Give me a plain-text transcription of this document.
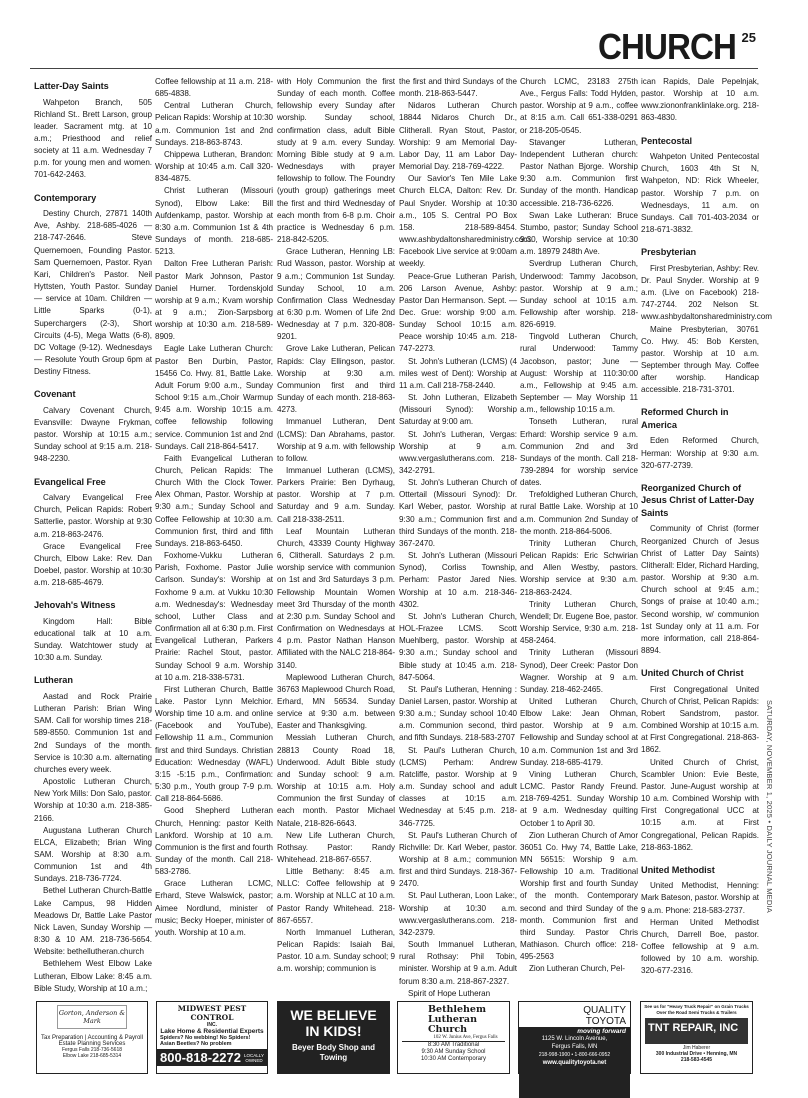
CHURCH 25
Latter-Day Saints

Wahpeton Branch, 505 Richland St.. Brett Larson, group leader. Sacrament mtg. at 10 a.m.; Priesthood and relief society at 11 a.m. Wednesday 7 p.m. for young men and women. 701-642-2463.

Contemporary

Destiny Church, 27871 140th Ave, Ashby. 218-685-4026 — 218-747-2646. Steve Quernemoen, Founding Pastor. Sam Quernemoen, Pastor. Ryan Kari, Children's Pastor. Neil Hyttsten, Youth Pastor. Sunday — service at 10am. Children — Little Sparks (0-1), Superchargers (2-3), Short Circuits (4-5), Mega Watts (6-8), DC Voltage (9-12). Wednesdays — Resolute Youth Group 6pm at Destiny Fitness.

Covenant

Calvary Covenant Church, Evansville: Dwayne Frykman, pastor. Worship at 10:15 a.m.; Sunday school at 9:15 a.m. 218-948-2230.

Evangelical Free

Calvary Evangelical Free Church, Pelican Rapids: Robert Satterlie, pastor. Worship at 9:30 a.m. 218-863-2476.

Grace Evangelical Free Church, Elbow Lake: Rev. Dan Doebel, pastor. Worship at 10:30 a.m. 218-685-4679.

Jehovah's Witness

Kingdom Hall: Bible educational talk at 10 a.m. Sunday. Watchtower study at 10:30 a.m. Sunday.

Lutheran

Aastad and Rock Prairie Lutheran Parish: Brian Wing SAM. Call for worship times 218-589-8550. Communion 1st and 2nd Sundays of the month. Service is 10:30 a.m. alternating churches every week.

Apostolic Lutheran Church, New York Mills: Don Salo, pastor. Worship at 10:30 a.m. 218-385-2166.

Augustana Lutheran Church ELCA, Elizabeth; Brian Wing SAM. Worship at 8:30 a.m. Communion 1st and 4th Sundays. 218-736-7724.

Bethel Lutheran Church-Battle Lake Campus, 98 Hidden Meadows Dr, Battle Lake Pastor Nick Laven, Sunday Worship — 8:30 & 10 AM. 218-736-5654. Website: bethellutheran.church

Bethlehem West Elbow Lake Lutheran, Elbow Lake: 8:45 a.m. Bible Study, Worship at 10 a.m.;

Coffee fellowship at 11 a.m. 218-685-4838.

Central Lutheran Church, Pelican Rapids: Worship at 10:30 a.m. Communion 1st and 2nd Sundays. 218-863-8743.

Chippewa Lutheran, Brandon: Worship at 10:45 a.m. Call 320-834-4875.

Christ Lutheran (Missouri Synod), Elbow Lake: Bill Aufdenkamp, pastor. Worship at 8:30 a.m. Communion 1st & 4th Sundays of month. 218-685-5213.

Dalton Free Lutheran Parish: Pastor Mark Johnson, Pastor Daniel Hurner. Tordenskjold worship at 9 a.m.; Kvam worship at 9 a.m.; Zion-Sarpsborg worship at 10:30 a.m. 218-589-8909.

Eagle Lake Lutheran Church: Pastor Ben Durbin, Pastor, 15456 Co. Hwy. 81, Battle Lake. Adult Forum 9:00 a.m., Sunday School 9:15 a.m.,Choir Warmup 9:45 a.m. Worship 10:15 a.m. coffee fellowship following service. Communion 1st and 2nd Sundays. Call 218-864-5417.

Faith Evangelical Lutheran Church, Pelican Rapids: The Church With the Clock Tower. Alex Ohman, Pastor. Worship at 9:30 a.m.; Sunday School and Coffee Fellowship at 10:30 a.m. Communion first, third and fifth Sundays. 218-863-6450.

Foxhome-Vukku Lutheran Parish, Foxhome. Pastor Julie Carlson. Sunday's: Worship at Foxhome 9 a.m. at Vukku 10:30 a.m. Wednesday's: Wednesday school, Luther Class and Confirmation all at 6:30 p.m. First Evangelical Lutheran, Parkers Prairie: Rachel Stout, pastor. Sunday School 9 a.m. Worship at 10 a.m. 218-338-5731.

First Lutheran Church, Battle Lake. Pastor Lynn Melchior. Worship time 10 a.m. and online (Facebook and YouTube), Fellowship 11 a.m., Communion first and third Sundays. Christian Education: Wednesday (WAFL) 3:15 -5:15 p.m., Confirmation: 5:30 p.m., Youth group 7-9 p.m. Call 218-864-5686.

Good Shepherd Lutheran Church, Henning: pastor Keith Lankford. Worship at 10 a.m. Communion is the first and fourth Sunday of the month. Call 218-583-2786.

Grace Lutheran LCMC, Erhard, Steve Walswick, pastor; Aimee Nordlund, minister of music; Becky Hoeper, minister of youth. Worship at 10 a.m.

with Holy Communion the first Sunday of each month. Coffee fellowship every Sunday after worship. Sunday school, confirmation class, adult Bible study at 9 a.m. every Sunday. Morning Bible study at 9 a.m. Wednesdays with prayer fellowship to follow. The Foundry (youth group) gatherings meet the first and third Wednesday of each month from 6-8 p.m. Choir practice is Wednesday 6 p.m. 218-842-5205.

Grace Lutheran, Henning LB: Rud Wasson, pastor. Worship at 9 a.m.; Communion 1st Sunday. Sunday School, 10 a.m. Confirmation Class Wednesday at 6:30 p.m. Women of Life 2nd Wednesday at 7 p.m. 320-808-9201.

Grove Lake Lutheran, Pelican Rapids: Clay Ellingson, pastor. Worship at 9:30 a.m. Communion first and third Sunday of each month. 218-863-4273.

Immanuel Lutheran, Dent (LCMS): Dan Abrahams, pastor. Worship at 9 a.m. with fellowship to follow.

Immanuel Lutheran (LCMS), Parkers Prairie: Ben Dyrhaug, pastor. Worship at 7 p.m. Saturday and 9 a.m. Sunday. Call 218-338-2511.

Leaf Mountain Lutheran Church, 43339 County Highway 6, Clitherall. Saturdays 2 p.m. worship service with communion on 1st and 3rd Saturdays 3 p.m. Fellowship Mountain Women meet 3rd Thursday of the month at 2:30 p.m. Sunday School and Confirmation on Wednesdays at 4 p.m. Pastor Nathan Hanson Affiliated with the NALC 218-864-3140.

Maplewood Lutheran Church, 36763 Maplewood Church Road, Erhard, MN 56534. Sunday service at 9:30 a.m. between Easter and Thanksgiving.

Messiah Lutheran Church, 28813 County Road 18, Underwood. Adult Bible study and Sunday school: 9 a.m. Worship at 10:15 a.m. Holy Communion the first Sunday of each month. Pastor Michael Natale, 218-826-6643.

New Life Lutheran Church, Rothsay. Pastor: Randy Whitehead. 218-867-6557.

Little Bethany: 8:45 a.m. NLLC: Coffee fellowship at 9 a.m. Worship at NLLC at 10 a.m. Pastor Randy Whitehead. 218-867-6557.

North Immanuel Lutheran, Pelican Rapids: Isaiah Bai, Pastor. 10 a.m. Sunday school; 9 a.m. worship; communion is

the first and third Sundays of the month. 218-863-5447.

Nidaros Lutheran Church 18844 Nidaros Church Dr., Clitherall. Ryan Stout, Pastor, Worship: 9 am Memorial Day-Labor Day, 11 am Labor Day-Memorial Day. 218-769-4222.

Our Savior's Ten Mile Lake Church ELCA, Dalton: Rev. Dr. Paul Snyder. Worship at 10:30 a.m., 105 S. Central PO Box 158. 218-589-8454. www.ashbydaltonsharedministry.com. Facebook Live service at 9:00am weekly.

Peace-Grue Lutheran Parish, 206 Larson Avenue, Ashby: Pastor Dan Hermanson. Sept. — Dec. Grue: worship 9:00 a.m. Sunday School 10:15 a.m. Peace worship 10:45 a.m. 218-747-2273.

St. John's Lutheran (LCMS) (4 miles west of Dent): Worship at 11 a.m. Call 218-758-2440.

St. John Lutheran, Elizabeth (Missouri Synod): Worship Saturday at 9:00 am.

St. John's Lutheran, Vergas: Worship at 9 a.m. www.vergaslutherans.com. 218-342-2791.

St. John's Lutheran Church of Ottertail (Missouri Synod): Dr. Karl Weber, pastor. Worship at 9:30 a.m.; Communion first and third Sundays of the month. 218-367-2470.

St. John's Lutheran (Missouri Synod), Corliss Township, Perham: Pastor Jared Nies. Worship at 10 a.m. 218-346-4302.

St. John's Lutheran Church, HOL-Frazee LCMS. Scott Muehlberg, pastor. Worship at 9:30 a.m.; Sunday school and Bible study at 10:45 a.m. 218-847-5064.

St. Paul's Lutheran, Henning : Daniel Larsen, pastor. Worship at 9:30 a.m.; Sunday school 10:40 a.m. Communion second, third and fifth Sundays. 218-583-2707

St. Paul's Lutheran Church, (LCMS) Perham: Andrew Ratcliffe, pastor. Worship at 9 a.m. Sunday school and adult classes at 10:15 a.m. Wednesday at 5:45 p.m. 218-346-7725.

St. Paul's Lutheran Church of Richville: Dr. Karl Weber, pastor. Worship at 8 a.m.; communion first and third Sundays. 218-367-2470.

St. Paul Lutheran, Loon Lake:, Worship at 10:30 a.m. www.vergaslutherans.com. 218-342-2379.

South Immanuel Lutheran, rural Rothsay: Phil Tobin, minister. Worship at 9 a.m. Adult forum 8:30 a.m. 218-867-2327.

Spirit of Hope Lutheran

Church LCMC, 23183 275th Ave., Fergus Falls: Todd Hylden, pastor. Worship at 9 a.m., coffee at 8:15 a.m. Call 651-338-0291 or 218-205-0545.

Stavanger Lutheran, Independent Lutheran church: Pastor Nathan Bjorge. Worship 9:30 a.m. Communion first Sunday of the month. Handicap accessible. 218-736-6226.

Swan Lake Lutheran: Bruce Stumbo, pastor; Sunday School 9:30, Worship service at 10:30 a.m. 18979 248th Ave.

Sverdrup Lutheran Church, Underwood: Tammy Jacobson, pastor. Worship at 9 a.m.; Sunday school at 10:15 a.m. Fellowship after worship. 218-826-6919.

Tingvold Lutheran Church, rural Underwood: Tammy Jacobson, pastor; June — August: Worship at 110:30:00 a.m., Fellowship at 9:45 a.m. September — May Worship 11 a.m., fellowship 10:15 a.m.

Tonseth Lutheran, rural Erhard: Worship service 9 a.m. Communion 2nd and 3rd Sundays of the month. Call 218-739-2894 for worship service dates.

Trefoldighed Lutheran Church, rural Battle Lake. Worship at 10 a.m. Communion 2nd Sunday of the month. 218-864-5006.

Trinity Lutheran Church, Pelican Rapids: Eric Schwirian and Allen Westby, pastors. Worship service at 9:30 a.m. 218-863-2424.

Trinity Lutheran Church, Wendell; Dr. Eugene Boe, pastor. Worship Service, 9:30 a.m. 218-458-2464.

Trinity Lutheran (Missouri Synod), Deer Creek: Pastor Don Wagner. Worship at 9 a.m. Sunday. 218-462-2465.

United Lutheran Church, Elbow Lake: Jean Ohman, pastor. Worship at 9 a.m. Fellowship and Sunday school at 10 a.m. Communion 1st and 3rd Sunday. 218-685-4179.

Vining Lutheran Church, LCMC. Pastor Randy Freund. 218-769-4251. Sunday Worship at 9 a.m. Wednesday quilting October 1 to April 30.

Zion Lutheran Church of Amor 36051 Co. Hwy 74, Battle Lake, MN 56515: Worship 9 a.m. Fellowship 10 a.m. Traditional Worship first and fourth Sunday of the month. Contemporary second and third Sunday of the month. Communion first and third Sunday. Pastor Chris Mathiason. Church office: 218-495-2563

Zion Lutheran Church, Pel-

ican Rapids, Dale Pepelnjak, pastor. Worship at 10 a.m. www.ziononfranklinlake.org. 218-863-4830.

Pentecostal

Wahpeton United Pentecostal Church, 1603 4th St N, Wahpeton, ND: Rick Wheeler, pastor. Worship 7 p.m. on Wednesdays, 11 a.m. on Sundays. Call 701-403-2034 or 218-671-3832.

Presbyterian

First Presbyterian, Ashby: Rev. Dr. Paul Snyder. Worship at 9 a.m. (Live on Facebook) 218-747-2744. 202 Nelson St. www.ashbydaltonsharedministry.com

Maine Presbyterian, 30761 Co. Hwy. 45: Bob Kersten, pastor. Worship at 10 a.m. September through May. Coffee after worship. Handicap accessible. 218-731-3701.

Reformed Church in America

Eden Reformed Church, Herman: Worship at 9:30 a.m. 320-677-2739.

Reorganized Church of Jesus Christ of Latter-Day Saints

Community of Christ (former Reorganized Church of Jesus Christ of Latter Day Saints) Clitherall: Elder, Richard Harding, pastor. Worship at 9:30 a.m. Church school at 9:45 a.m.; Songs of praise at 10:40 a.m.; Second worship, w/ communion 1st Sunday only at 11 a.m. For more information, call 218-864-8894.

United Church of Christ

First Congregational United Church of Christ, Pelican Rapids: Robert Sandstrom, pastor. Combined Worship at 10:15 a.m. at First Congregational. 218-863-1862.

United Church of Christ, Scambler Union: Evie Beste, Pastor. June-August worship at 10 a.m. Combined Worship with First Congregational UCC at 10:15 a.m. at First Congregational, Pelican Rapids. 218-863-1862.

United Methodist

United Methodist, Henning: Mark Bateson, pastor. Worship at 9 a.m. Phone: 218-583-2737.

Herman United Methodist Church, Darrell Boe, pastor. Coffee fellowship at 9 a.m. followed by 10 a.m. worship. 320-677-2316.

SATURDAY, NOVEMBER 1, 2025 • DAILY JOURNAL MEDIA
Gorton, Anderson & Mark
Tax Preparation | Accounting & Payroll
Estate Planning Services
Fergus Falls 218-736-5618
Elbow Lake 218-685-5314
MIDWEST PEST CONTROL
INC.
Lake Home & Residential Experts
Spiders? No webbing! No Spiders!
Asian Beetles? No problem
800-818-2272 LOCALLY OWNED
WE BELIEVE IN KIDS!
Beyer Body Shop and Towing
Bethlehem Lutheran Church
102 W. Junius Ave, Fergus Falls
8:30 AM Traditional
9:30 AM Sunday School
10:30 AM Contemporary
QUALITY TOYOTA
moving forward
1125 W. Lincoln Avenue,
Fergus Falls, MN
218-998-1900 • 1-800-666-0952
www.qualitytoyota.net
See us for "Heavy Truck Repair" on Grain Trucks Over the Road Semi Trucks & Trailers
TNT REPAIR, INC
Jim Haberer
300 Industrial Drive • Henning, MN
218-583-4545
